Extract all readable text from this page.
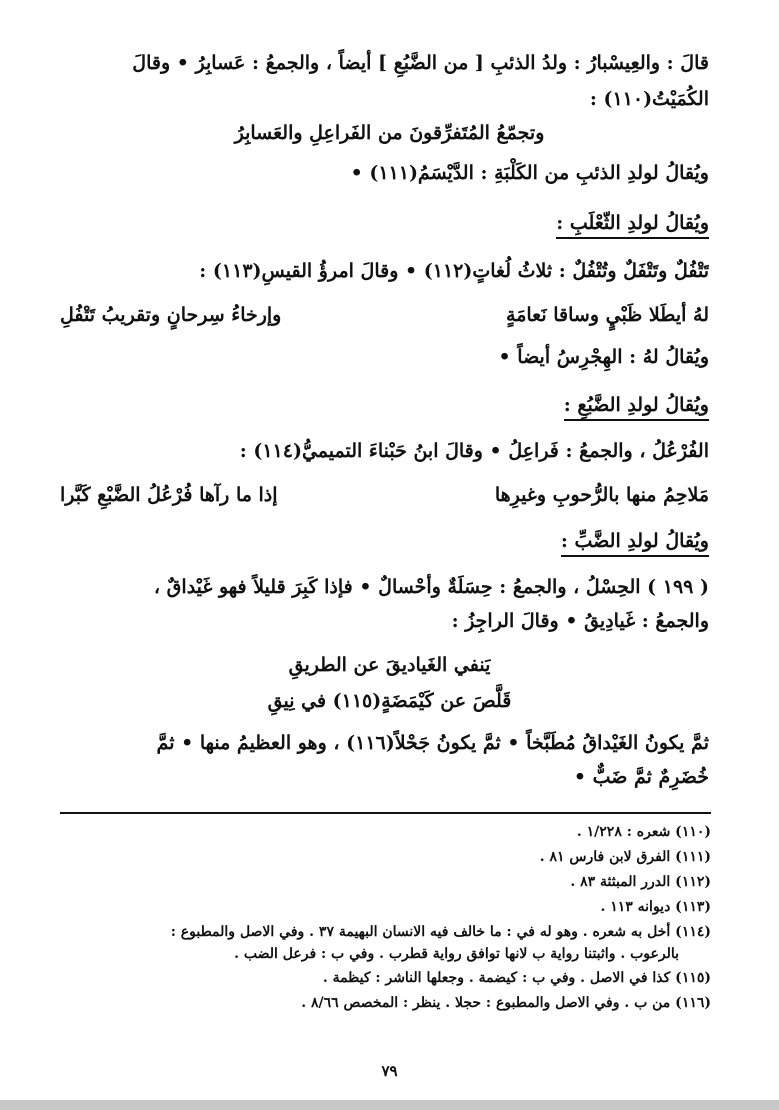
قالَ : والعِيسْبارُ : ولدُ الذئبِ [ من الضَّبُعِ ] أيضاً ، والجمعُ : عَسابِرُ • وقالَ
الكُمَيْتُ(١١٠) :
وتجمّعُ المُتَفرِّقونَ من الفَراعِلِ والعَسابِرُ
ويُقالُ لولدِ الذئبِ من الكَلْبَةِ : الدَّيْسَمُ(١١١) •
ويُقالُ لولدِ الثّعْلَبِ :
تَتْفُلٌ وتَتْفَلٌ وتُتْفُلٌ : ثلاثُ لُغاتٍ(١١٢) • وقالَ امرؤُ القيسِ(١١٣) :
لهُ أيطَلا ظَبْيٍ وساقا نَعامَةٍ
وإرخاءُ سِرحانٍ وتقريبُ تَتْفُلِ
ويُقالُ لهُ : الهِجْرِسُ أيضاً •
ويُقالُ لولدِ الضَّبُعِ :
الفُرْعُلُ ، والجمعُ : فَراعِلُ • وقالَ ابنُ حَبْناءَ التميميُّ(١١٤) :
مَلاحِمُ منها بالرُّحوبِ وغيرِها
إذا ما رآها فُرْعُلُ الضَّبْعِ كَبَّرا
ويُقالُ لولدِ الضَّبِّ :
( ١٩٩ ) الحِسْلُ ، والجمعُ : حِسَلَةٌ وأحْسالٌ • فإذا كَبِرَ قليلاً فهو غَيْداقٌ ،
والجمعُ : غَيادِيقُ • وقالَ الراجِزُ :
يَنفي الغَياديقَ عن الطريقِ
قَلَّصَ عن كَيْمَضَةٍ(١١٥) في نِيقِ
ثمَّ يكونُ الغَيْداقُ مُطَبَّخاً • ثمَّ يكونُ جَحْلاً(١١٦) ، وهو العظيمُ منها • ثمَّ
خُضَرِمٌ ثمَّ ضَبٌّ •
(١١٠) شعره : ١/٢٢٨ .
(١١١) الفرق لابن فارس ٨١ .
(١١٢) الدرر المبثثة ٨٣ .
(١١٣) ديوانه ١١٣ .
(١١٤) أخل به شعره . وهو له في : ما خالف فيه الانسان البهيمة ٣٧ . وفي الاصل والمطبوع :
بالرعوب . واثبتنا رواية ب لانها توافق رواية قطرب . وفي ب : فرعل الضب .
(١١٥) كذا في الاصل . وفي ب : كيضمة . وجعلها الناشر : كيظمة .
(١١٦) من ب . وفي الاصل والمطبوع : حجلا . ينظر : المخصص ٨/٦٦ .
٧٩
